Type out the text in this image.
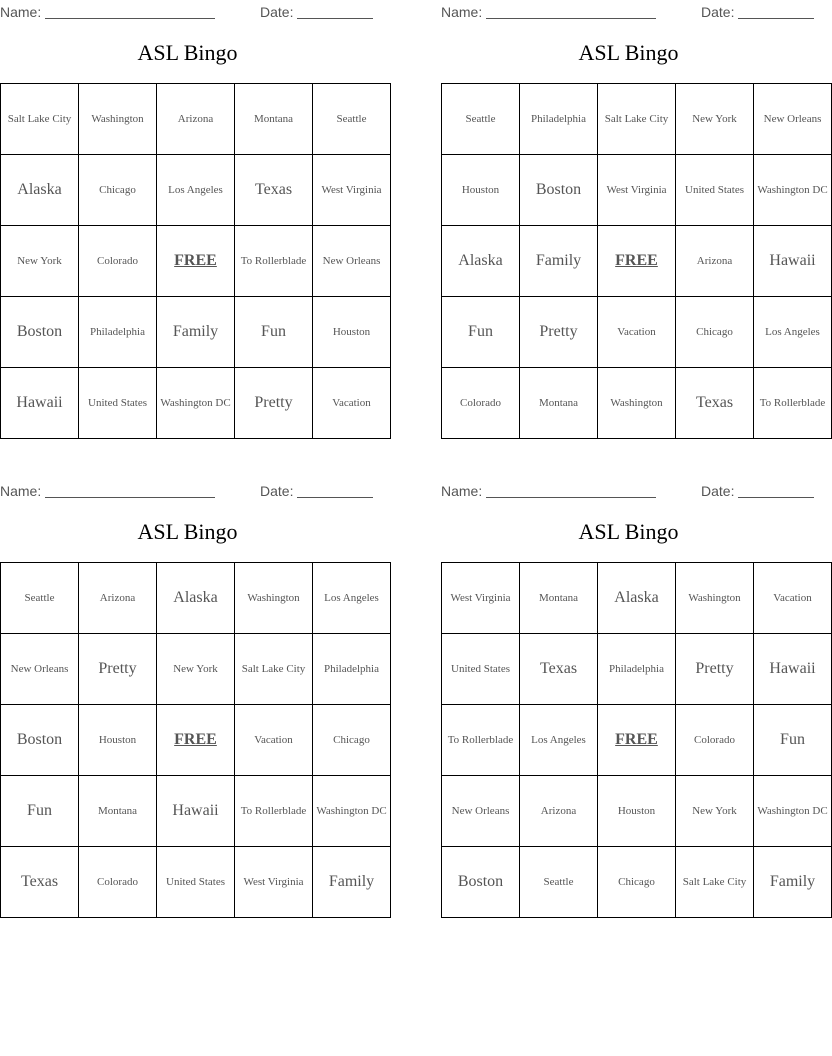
Name:	Date:
ASL Bingo
Salt Lake City	Washington	Arizona	Montana	Seattle
Alaska	Chicago	Los Angeles	Texas	West Virginia
New York	Colorado	FREE	To Rollerblade	New Orleans
Boston	Philadelphia	Family	Fun	Houston
Hawaii	United States	Washington DC	Pretty	Vacation
Name:	Date:
ASL Bingo
Seattle	Philadelphia	Salt Lake City	New York	New Orleans
Houston	Boston	West Virginia	United States	Washington DC
Alaska	Family	FREE	Arizona	Hawaii
Fun	Pretty	Vacation	Chicago	Los Angeles
Colorado	Montana	Washington	Texas	To Rollerblade
Name:	Date:
ASL Bingo
Seattle	Arizona	Alaska	Washington	Los Angeles
New Orleans	Pretty	New York	Salt Lake City	Philadelphia
Boston	Houston	FREE	Vacation	Chicago
Fun	Montana	Hawaii	To Rollerblade	Washington DC
Texas	Colorado	United States	West Virginia	Family
Name:	Date:
ASL Bingo
West Virginia	Montana	Alaska	Washington	Vacation
United States	Texas	Philadelphia	Pretty	Hawaii
To Rollerblade	Los Angeles	FREE	Colorado	Fun
New Orleans	Arizona	Houston	New York	Washington DC
Boston	Seattle	Chicago	Salt Lake City	Family
